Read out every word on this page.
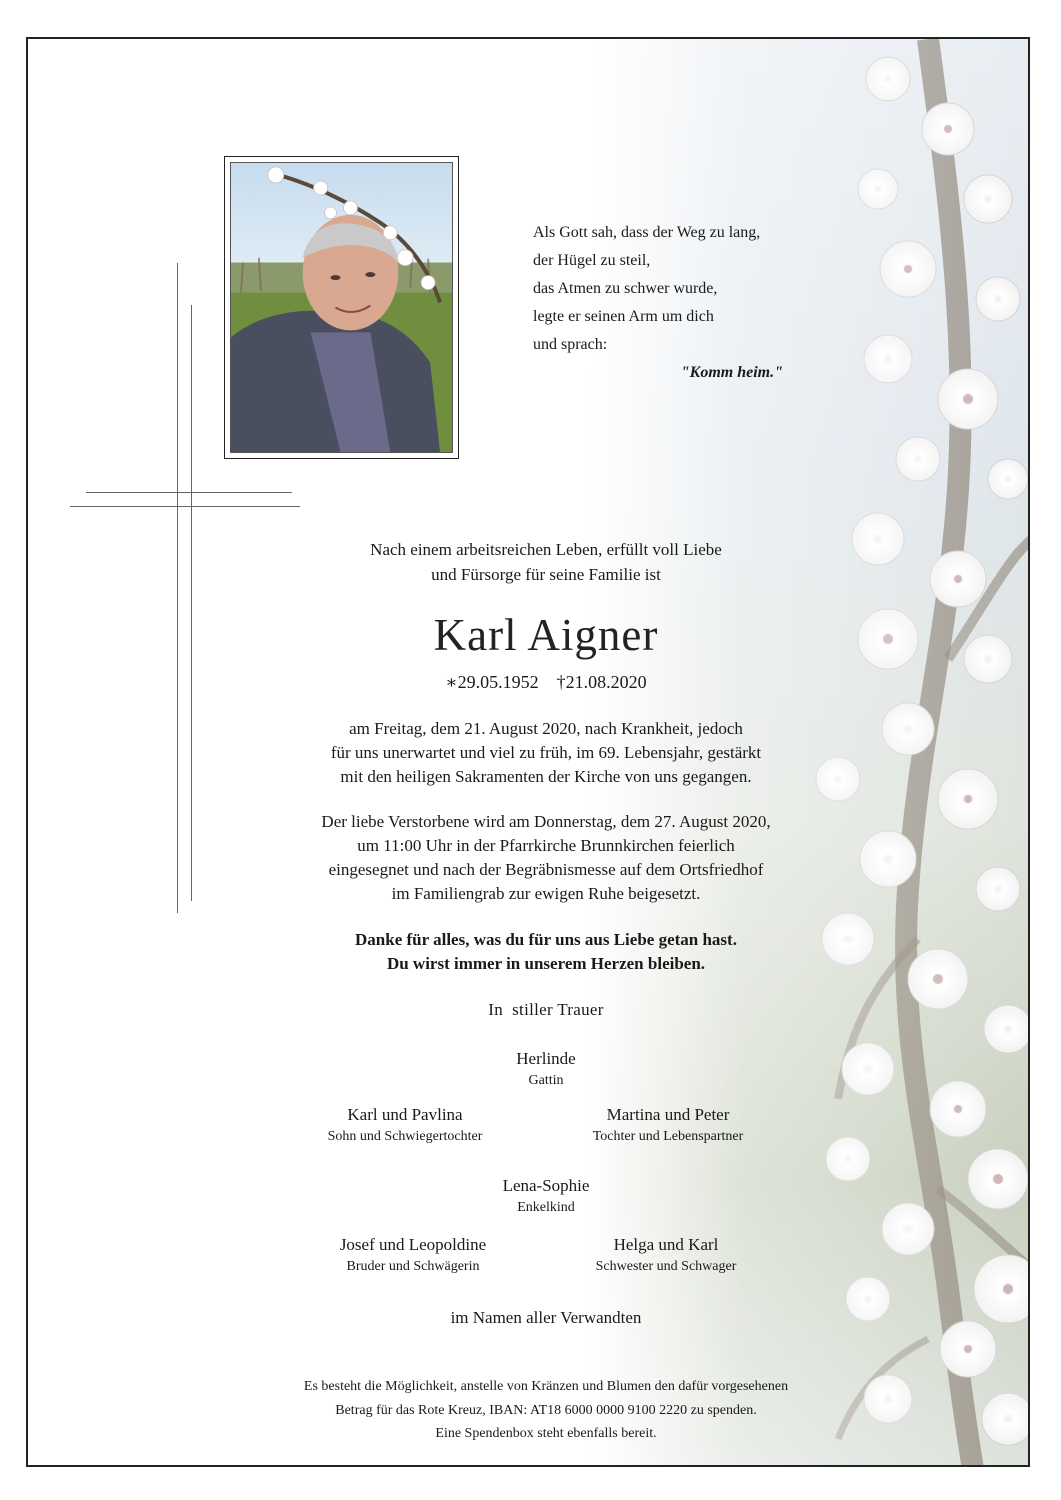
Als Gott sah, dass der Weg zu lang,
der Hügel zu steil,
das Atmen zu schwer wurde,
legte er seinen Arm um dich
und sprach:
"Komm heim."
Nach einem arbeitsreichen Leben, erfüllt voll Liebe
und Fürsorge für seine Familie ist
Karl Aigner
∗29.05.1952 †21.08.2020
am Freitag, dem 21. August 2020, nach Krankheit, jedoch
für uns unerwartet und viel zu früh, im 69. Lebensjahr, gestärkt
mit den heiligen Sakramenten der Kirche von uns gegangen.
Der liebe Verstorbene wird am Donnerstag, dem 27. August 2020,
um 11:00 Uhr in der Pfarrkirche Brunnkirchen feierlich
eingesegnet und nach der Begräbnismesse auf dem Ortsfriedhof
im Familiengrab zur ewigen Ruhe beigesetzt.
Danke für alles, was du für uns aus Liebe getan hast.
Du wirst immer in unserem Herzen bleiben.
In  stiller Trauer
Herlinde
Gattin
Karl und Pavlina
Sohn und Schwiegertochter
Martina und Peter
Tochter und Lebenspartner
Lena-Sophie
Enkelkind
Josef und Leopoldine
Bruder und Schwägerin
Helga und Karl
Schwester und Schwager
im Namen aller Verwandten
Es besteht die Möglichkeit, anstelle von Kränzen und Blumen den dafür vorgesehenen
Betrag für das Rote Kreuz, IBAN: AT18 6000 0000 9100 2220 zu spenden.
Eine Spendenbox steht ebenfalls bereit.
